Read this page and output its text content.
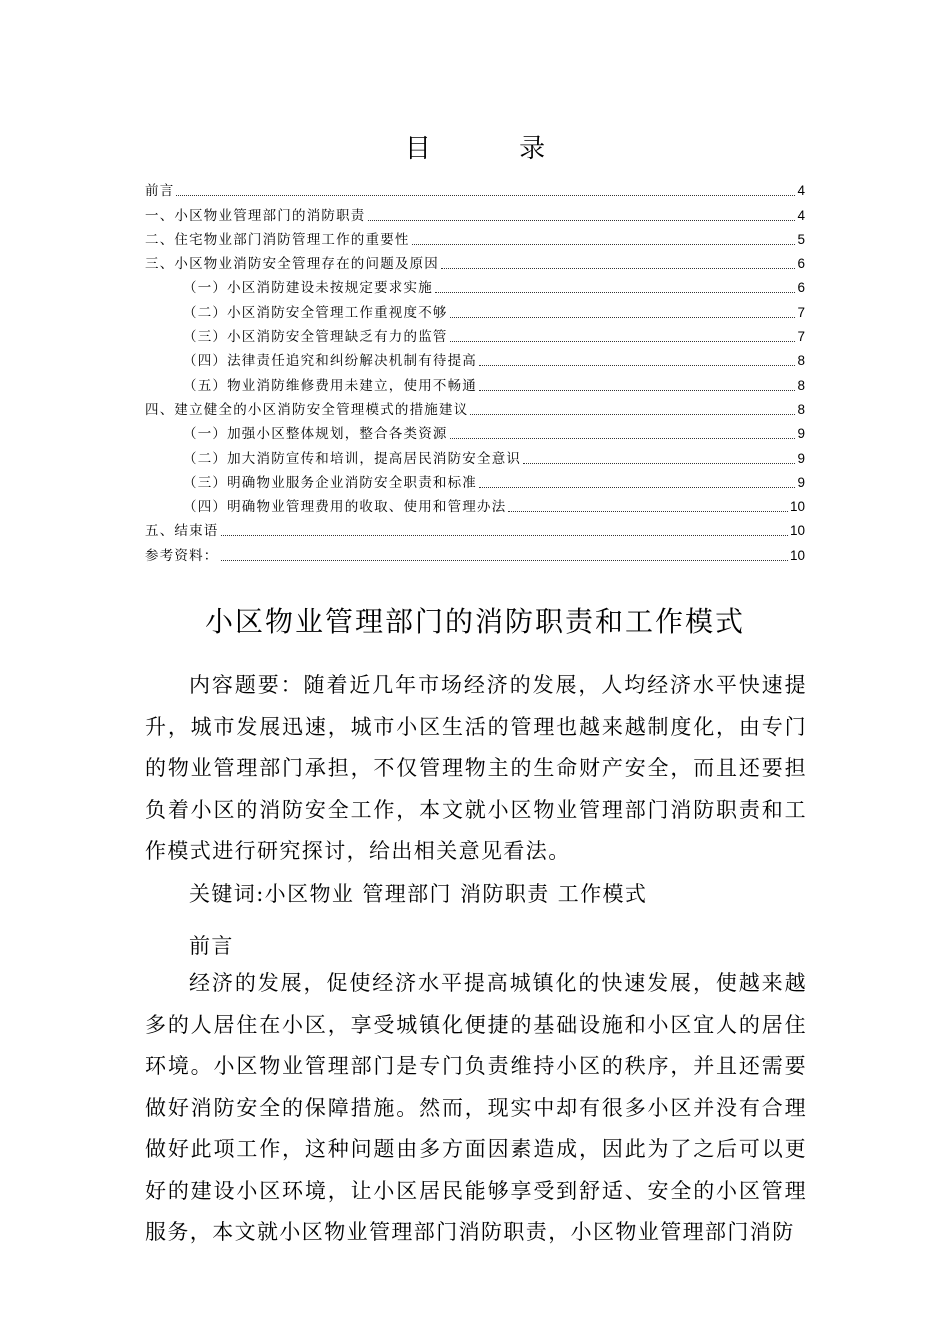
目 录
前言	4
一、小区物业管理部门的消防职责	4
二、住宅物业部门消防管理工作的重要性	5
三、小区物业消防安全管理存在的问题及原因	6
（一）小区消防建设未按规定要求实施	6
（二）小区消防安全管理工作重视度不够	7
（三）小区消防安全管理缺乏有力的监管	7
（四）法律责任追究和纠纷解决机制有待提高	8
（五）物业消防维修费用未建立，使用不畅通	8
四、建立健全的小区消防安全管理模式的措施建议	8
（一）加强小区整体规划，整合各类资源	9
（二）加大消防宣传和培训，提高居民消防安全意识	9
（三）明确物业服务企业消防安全职责和标准	9
（四）明确物业管理费用的收取、使用和管理办法	10
五、结束语	10
参考资料：	10
小区物业管理部门的消防职责和工作模式
内容题要：随着近几年市场经济的发展，人均经济水平快速提升，城市发展迅速，城市小区生活的管理也越来越制度化，由专门的物业管理部门承担，不仅管理物主的生命财产安全，而且还要担负着小区的消防安全工作，本文就小区物业管理部门消防职责和工作模式进行研究探讨，给出相关意见看法。
关键词:小区物业 管理部门 消防职责 工作模式
前言
经济的发展，促使经济水平提高城镇化的快速发展，使越来越多的人居住在小区，享受城镇化便捷的基础设施和小区宜人的居住环境。小区物业管理部门是专门负责维持小区的秩序，并且还需要做好消防安全的保障措施。然而，现实中却有很多小区并没有合理做好此项工作，这种问题由多方面因素造成，因此为了之后可以更好的建设小区环境，让小区居民能够享受到舒适、安全的小区管理服务，本文就小区物业管理部门消防职责，小区物业管理部门消防
